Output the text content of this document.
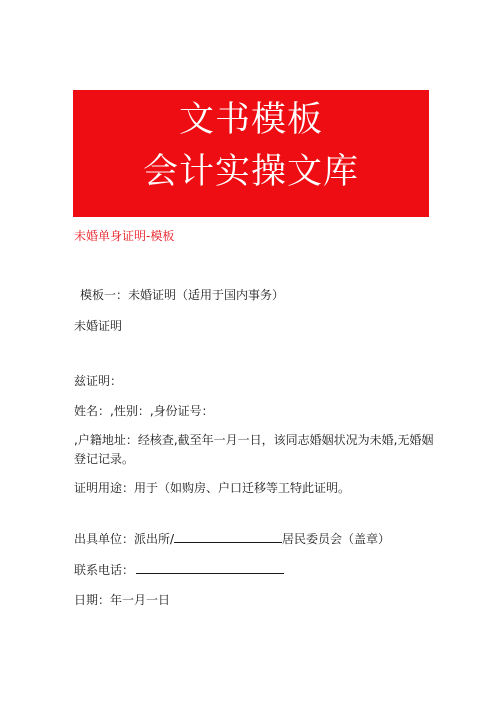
文书模板
会计实操文库
未婚单身证明-模板
模板一：未婚证明（适用于国内事务）
未婚证明
兹证明：
姓名：,性别：,身份证号：
,户籍地址：经核查,截至年一月一日，该同志婚姻状况为未婚,无婚姻登记记录。
证明用途：用于（如购房、户口迁移等工特此证明。
出具单位：派出所/	居民委员会（盖章）
联系电话：
日期：年一月一日
